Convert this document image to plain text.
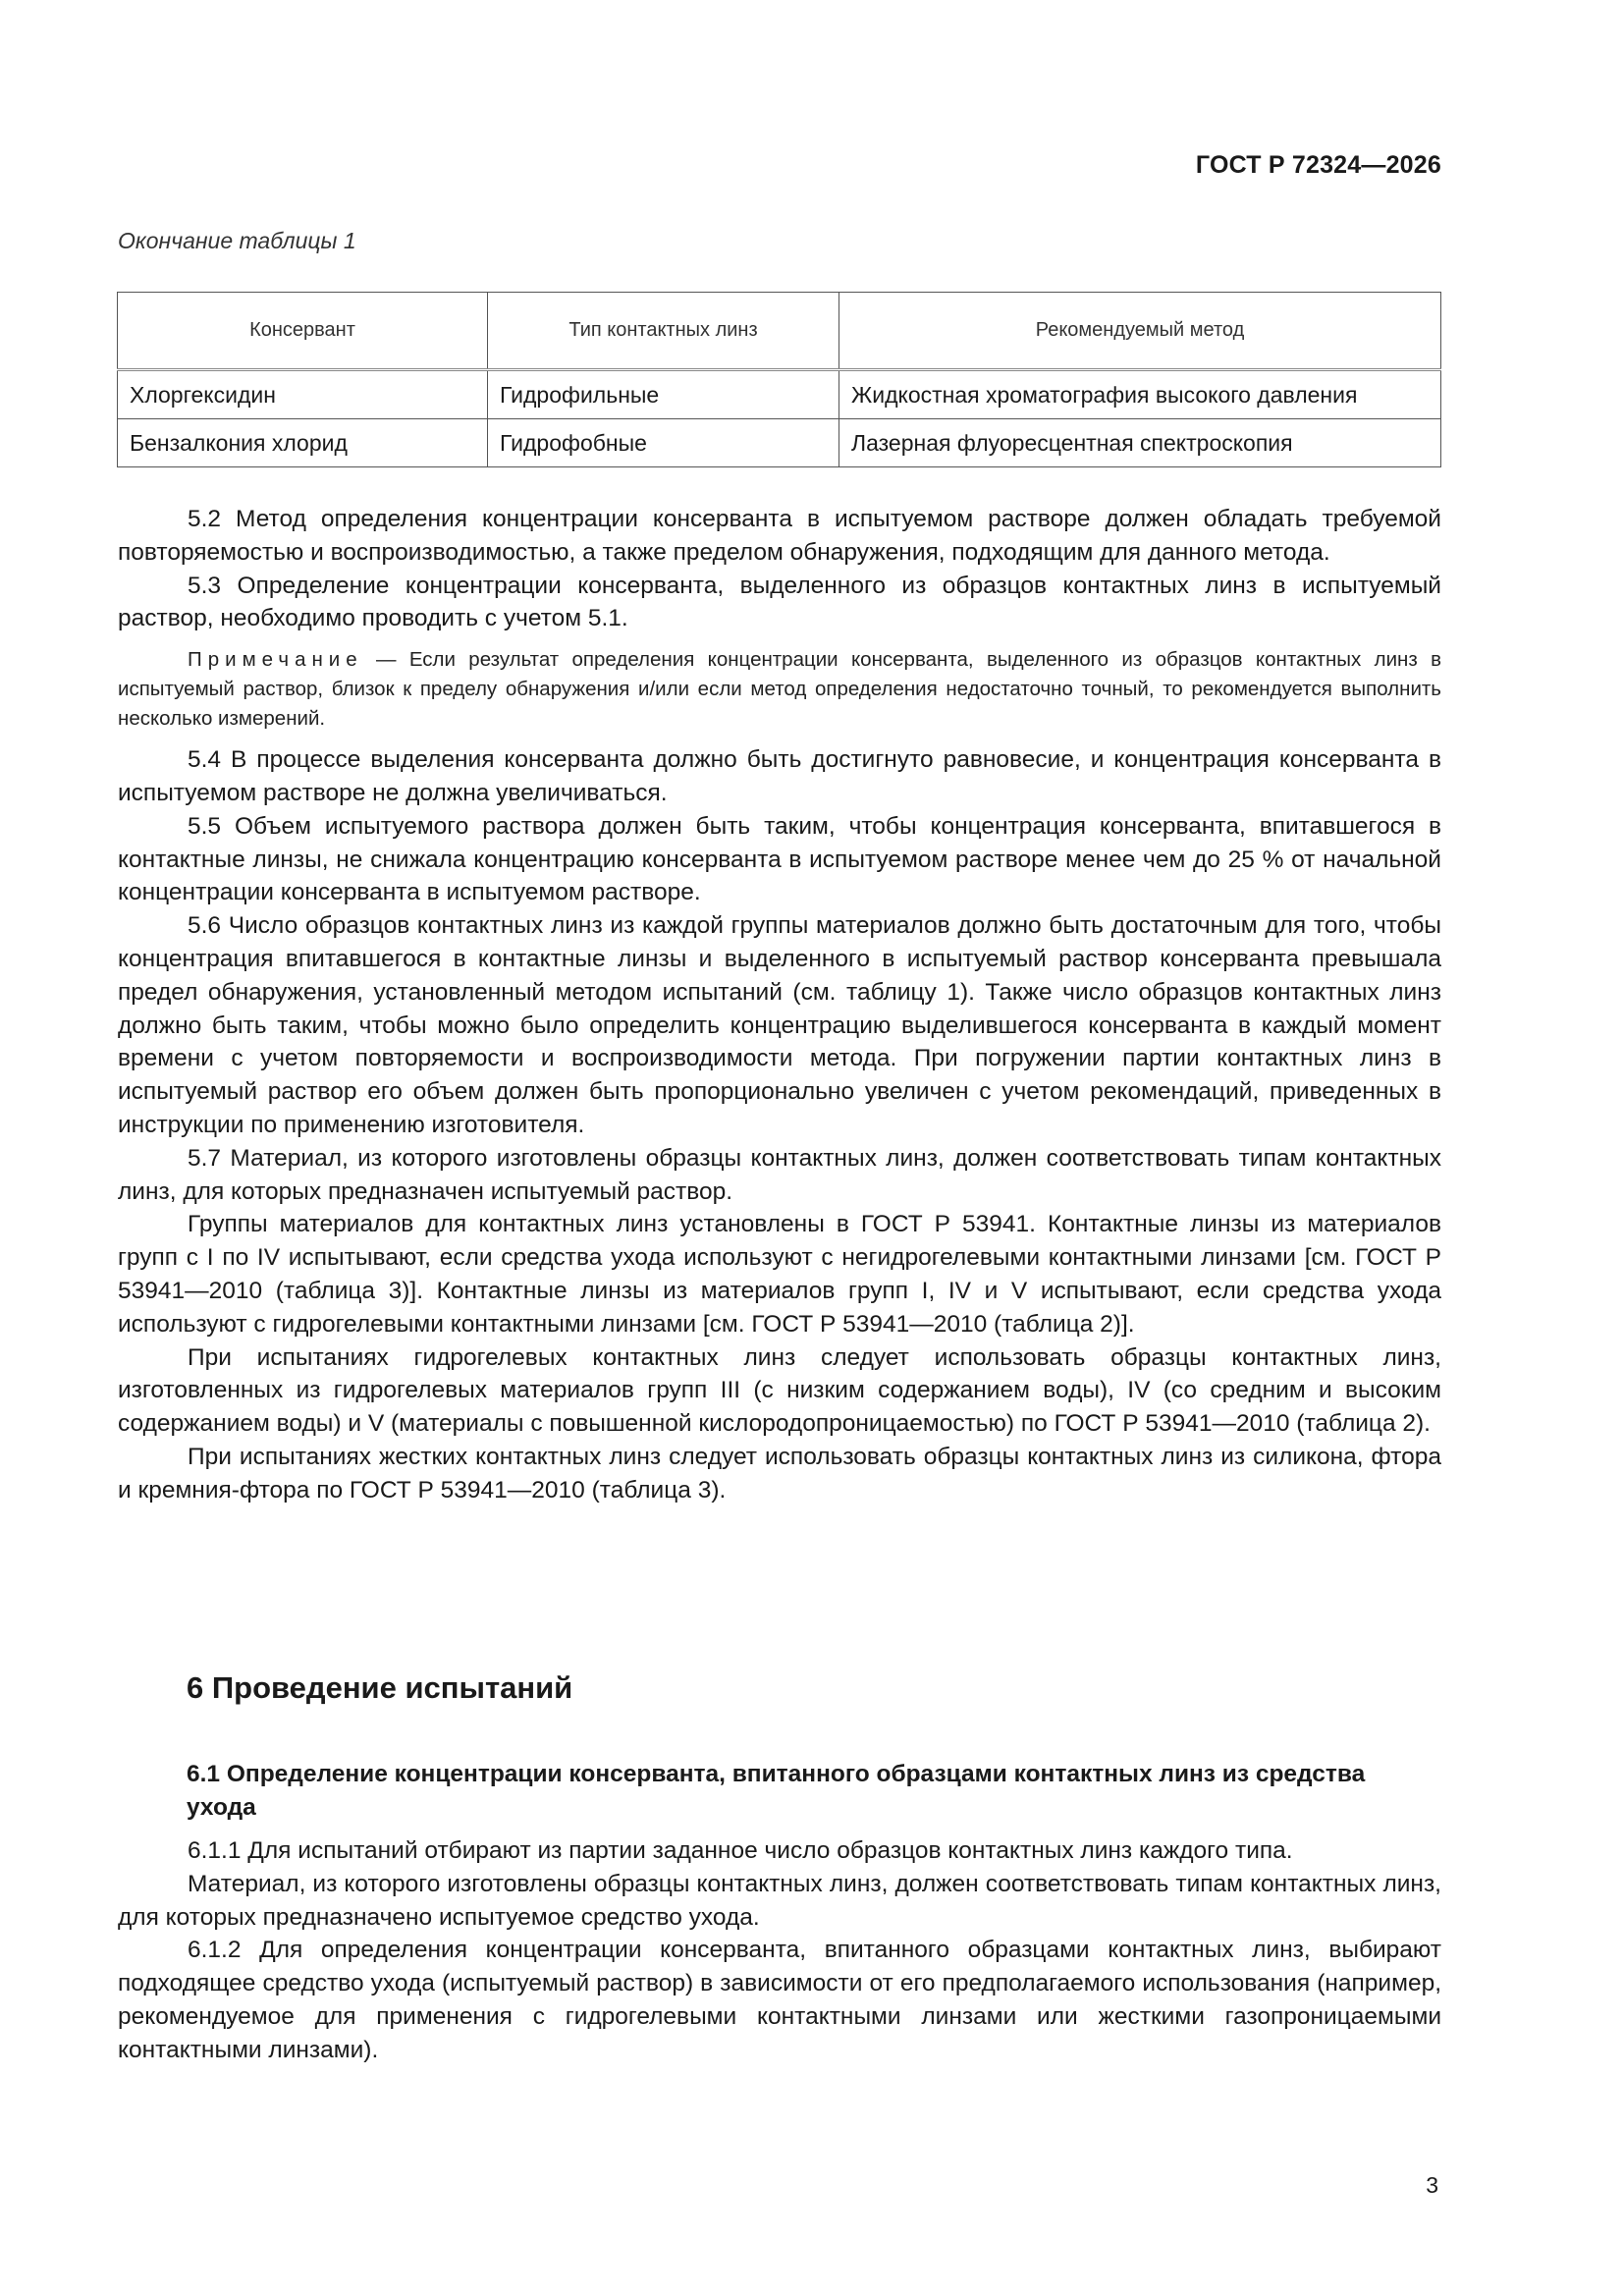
ГОСТ Р 72324—2026
Окончание таблицы 1
Консервант	Тип контактных линз	Рекомендуемый метод
Хлоргексидин	Гидрофильные	Жидкостная хроматография высокого давления
Бензалкония хлорид	Гидрофобные	Лазерная флуоресцентная спектроскопия

5.2 Метод определения концентрации консерванта в испытуемом растворе должен обладать требуемой повторяемостью и воспроизводимостью, а также пределом обнаружения, подходящим для данного метода.

5.3 Определение концентрации консерванта, выделенного из образцов контактных линз в испытуемый раствор, необходимо проводить с учетом 5.1.

Примечание — Если результат определения концентрации консерванта, выделенного из образцов контактных линз в испытуемый раствор, близок к пределу обнаружения и/или если метод определения недостаточно точный, то рекомендуется выполнить несколько измерений.

5.4 В процессе выделения консерванта должно быть достигнуто равновесие, и концентрация консерванта в испытуемом растворе не должна увеличиваться.

5.5 Объем испытуемого раствора должен быть таким, чтобы концентрация консерванта, впитавшегося в контактные линзы, не снижала концентрацию консерванта в испытуемом растворе менее чем до 25 % от начальной концентрации консерванта в испытуемом растворе.

5.6 Число образцов контактных линз из каждой группы материалов должно быть достаточным для того, чтобы концентрация впитавшегося в контактные линзы и выделенного в испытуемый раствор консерванта превышала предел обнаружения, установленный методом испытаний (см. таблицу 1). Также число образцов контактных линз должно быть таким, чтобы можно было определить концентрацию выделившегося консерванта в каждый момент времени с учетом повторяемости и воспроизводимости метода. При погружении партии контактных линз в испытуемый раствор его объем должен быть пропорционально увеличен с учетом рекомендаций, приведенных в инструкции по применению изготовителя.

5.7 Материал, из которого изготовлены образцы контактных линз, должен соответствовать типам контактных линз, для которых предназначен испытуемый раствор.

Группы материалов для контактных линз установлены в ГОСТ Р 53941. Контактные линзы из материалов групп с I по IV испытывают, если средства ухода используют с негидрогелевыми контактными линзами [см. ГОСТ Р 53941—2010 (таблица 3)]. Контактные линзы из материалов групп I, IV и V испытывают, если средства ухода используют с гидрогелевыми контактными линзами [см. ГОСТ Р 53941—2010 (таблица 2)].

При испытаниях гидрогелевых контактных линз следует использовать образцы контактных линз, изготовленных из гидрогелевых материалов групп III (с низким содержанием воды), IV (со средним и высоким содержанием воды) и V (материалы с повышенной кислородопроницаемостью) по ГОСТ Р 53941—2010 (таблица 2).

При испытаниях жестких контактных линз следует использовать образцы контактных линз из силикона, фтора и кремния-фтора по ГОСТ Р 53941—2010 (таблица 3).

6 Проведение испытаний
6.1 Определение концентрации консерванта, впитанного образцами контактных линз из средства ухода

6.1.1 Для испытаний отбирают из партии заданное число образцов контактных линз каждого типа.

Материал, из которого изготовлены образцы контактных линз, должен соответствовать типам контактных линз, для которых предназначено испытуемое средство ухода.

6.1.2 Для определения концентрации консерванта, впитанного образцами контактных линз, выбирают подходящее средство ухода (испытуемый раствор) в зависимости от его предполагаемого использования (например, рекомендуемое для применения с гидрогелевыми контактными линзами или жесткими газопроницаемыми контактными линзами).

3
